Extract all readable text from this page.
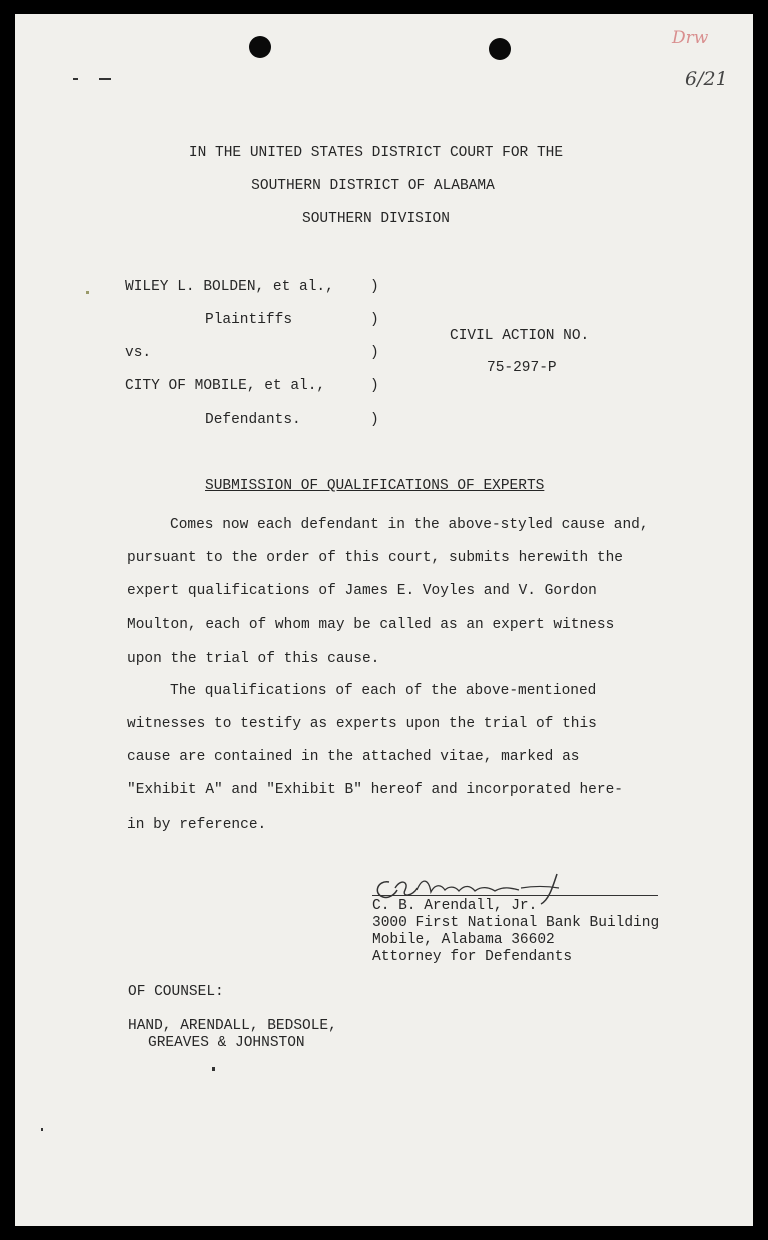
Drw
6/21
IN THE UNITED STATES DISTRICT COURT FOR THE
SOUTHERN DISTRICT OF ALABAMA
SOUTHERN DIVISION
WILEY L. BOLDEN, et al., )
Plaintiffs	)
vs.	)
CITY OF MOBILE, et al.,	)
Defendants.	)
CIVIL ACTION NO.
75-297-P
SUBMISSION OF QUALIFICATIONS OF EXPERTS
Comes now each defendant in the above-styled cause and,
pursuant to the order of this court, submits herewith the
expert qualifications of James E. Voyles and V. Gordon
Moulton, each of whom may be called as an expert witness
upon the trial of this cause.
The qualifications of each of the above-mentioned
witnesses to testify as experts upon the trial of this
cause are contained in the attached vitae, marked as
"Exhibit A" and "Exhibit B" hereof and incorporated here-
in by reference.
C. B. Arendall, Jr.
3000 First National Bank Building
Mobile, Alabama 36602
Attorney for Defendants
OF COUNSEL:
HAND, ARENDALL, BEDSOLE,
GREAVES & JOHNSTON
